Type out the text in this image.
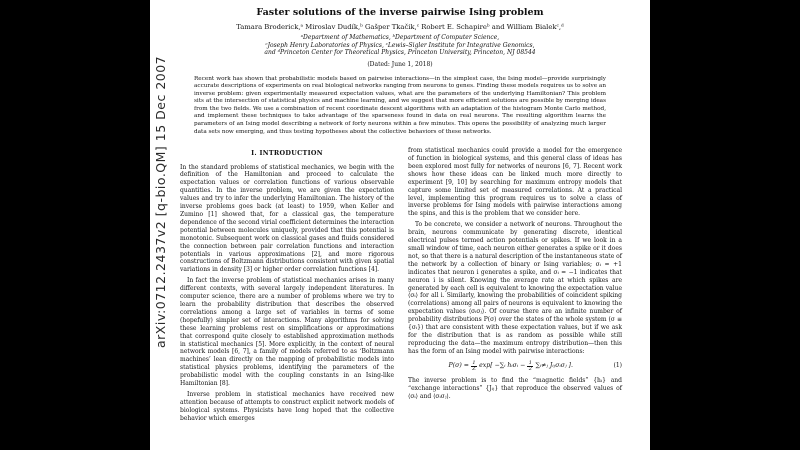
arXiv:0712.2437v2 [q-bio.QM] 15 Dec 2007
Faster solutions of the inverse pairwise Ising problem
Tamara Broderick,ᵃ Miroslav Dudík,ᵇ Gašper Tkačik,ᶜ Robert E. Schapireᵇ and William Bialekᶜ,ᵈ
ᵃDepartment of Mathematics, ᵇDepartment of Computer Science,
ᶜJoseph Henry Laboratories of Physics, ᶜLewis–Sigler Institute for Integrative Genomics,
and ᵈPrinceton Center for Theoretical Physics, Princeton University, Princeton, NJ 08544
(Dated: June 1, 2018)
Recent work has shown that probabilistic models based on pairwise interactions—in the simplest case, the Ising model—provide surprisingly accurate descriptions of experiments on real biological networks ranging from neurons to genes. Finding these models requires us to solve an inverse problem: given experimentally measured expectation values, what are the parameters of the underlying Hamiltonian? This problem sits at the intersection of statistical physics and machine learning, and we suggest that more efficient solutions are possible by merging ideas from the two fields. We use a combination of recent coordinate descent algorithms with an adaptation of the histogram Monte Carlo method, and implement these techniques to take advantage of the sparseness found in data on real neurons. The resulting algorithm learns the parameters of an Ising model describing a network of forty neurons within a few minutes. This opens the possibility of analyzing much larger data sets now emerging, and thus testing hypotheses about the collective behaviors of these networks.
I. INTRODUCTION

In the standard problems of statistical mechanics, we begin with the definition of the Hamiltonian and proceed to calculate the expectation values or correlation functions of various observable quantities. In the inverse problem, we are given the expectation values and try to infer the underlying Hamiltonian. The history of the inverse problems goes back (at least) to 1959, when Keller and Zumino [1] showed that, for a classical gas, the temperature dependence of the second virial coefficient determines the interaction potential between molecules uniquely, provided that this potential is monotonic. Subsequent work on classical gases and fluids considered the connection between pair correlation functions and interaction potentials in various approximations [2], and more rigorous constructions of Boltzmann distributions consistent with given spatial variations in density [3] or higher order correlation functions [4].

In fact the inverse problem of statistical mechanics arises in many different contexts, with several largely independent literatures. In computer science, there are a number of problems where we try to learn the probability distribution that describes the observed correlations among a large set of variables in terms of some (hopefully) simpler set of interactions. Many algorithms for solving these learning problems rest on simplifications or approximations that correspond quite closely to established approximation methods in statistical mechanics [5]. More explicitly, in the context of neural network models [6, 7], a family of models referred to as ‘Boltzmann machines’ lean directly on the mapping of probabilistic models into statistical physics problems, identifying the parameters of the probabilistic model with the coupling constants in an Ising-like Hamiltonian [8].

Inverse problem in statistical mechanics have received new attention because of attempts to construct explicit network models of biological systems. Physicists have long hoped that the collective behavior which emerges

from statistical mechanics could provide a model for the emergence of function in biological systems, and this general class of ideas has been explored most fully for networks of neurons [6, 7]. Recent work shows how these ideas can be linked much more directly to experiment [9, 10] by searching for maximum entropy models that capture some limited set of measured correlations. At a practical level, implementing this program requires us to solve a class of inverse problems for Ising models with pairwise interactions among the spins, and this is the problem that we consider here.

To be concrete, we consider a network of neurons. Throughout the brain, neurons communicate by generating discrete, identical electrical pulses termed action potentials or spikes. If we look in a small window of time, each neuron either generates a spike or it does not, so that there is a natural description of the instantaneous state of the network by a collection of binary or Ising variables; σᵢ = +1 indicates that neuron i generates a spike, and σᵢ = −1 indicates that neuron i is silent. Knowing the average rate at which spikes are generated by each cell is equivalent to knowing the expectation value ⟨σᵢ⟩ for all i. Similarly, knowing the probabilities of coincident spiking (correlations) among all pairs of neurons is equivalent to knowing the expectation values ⟨σᵢσⱼ⟩. Of course there are an infinite number of probability distributions P(σ) over the states of the whole system (σ ≡ {σᵢ}) that are consistent with these expectation values, but if we ask for the distribution that is as random as possible while still reproducing the data—the maximum entropy distribution—then this has the form of an Ising model with pairwise interactions:

$P(\sigma) = \frac{1}{Z} \exp$[ −∑ᵢ hᵢσᵢ − $\frac{1}{2}$ ∑ᵢ≠ⱼ Jᵢⱼσᵢσⱼ ].	(1)

The inverse problem is to find the “magnetic fields” {hᵢ} and “exchange interactions” {Jᵢⱼ} that reproduce the observed values of ⟨σᵢ⟩ and ⟨σᵢσⱼ⟩.
